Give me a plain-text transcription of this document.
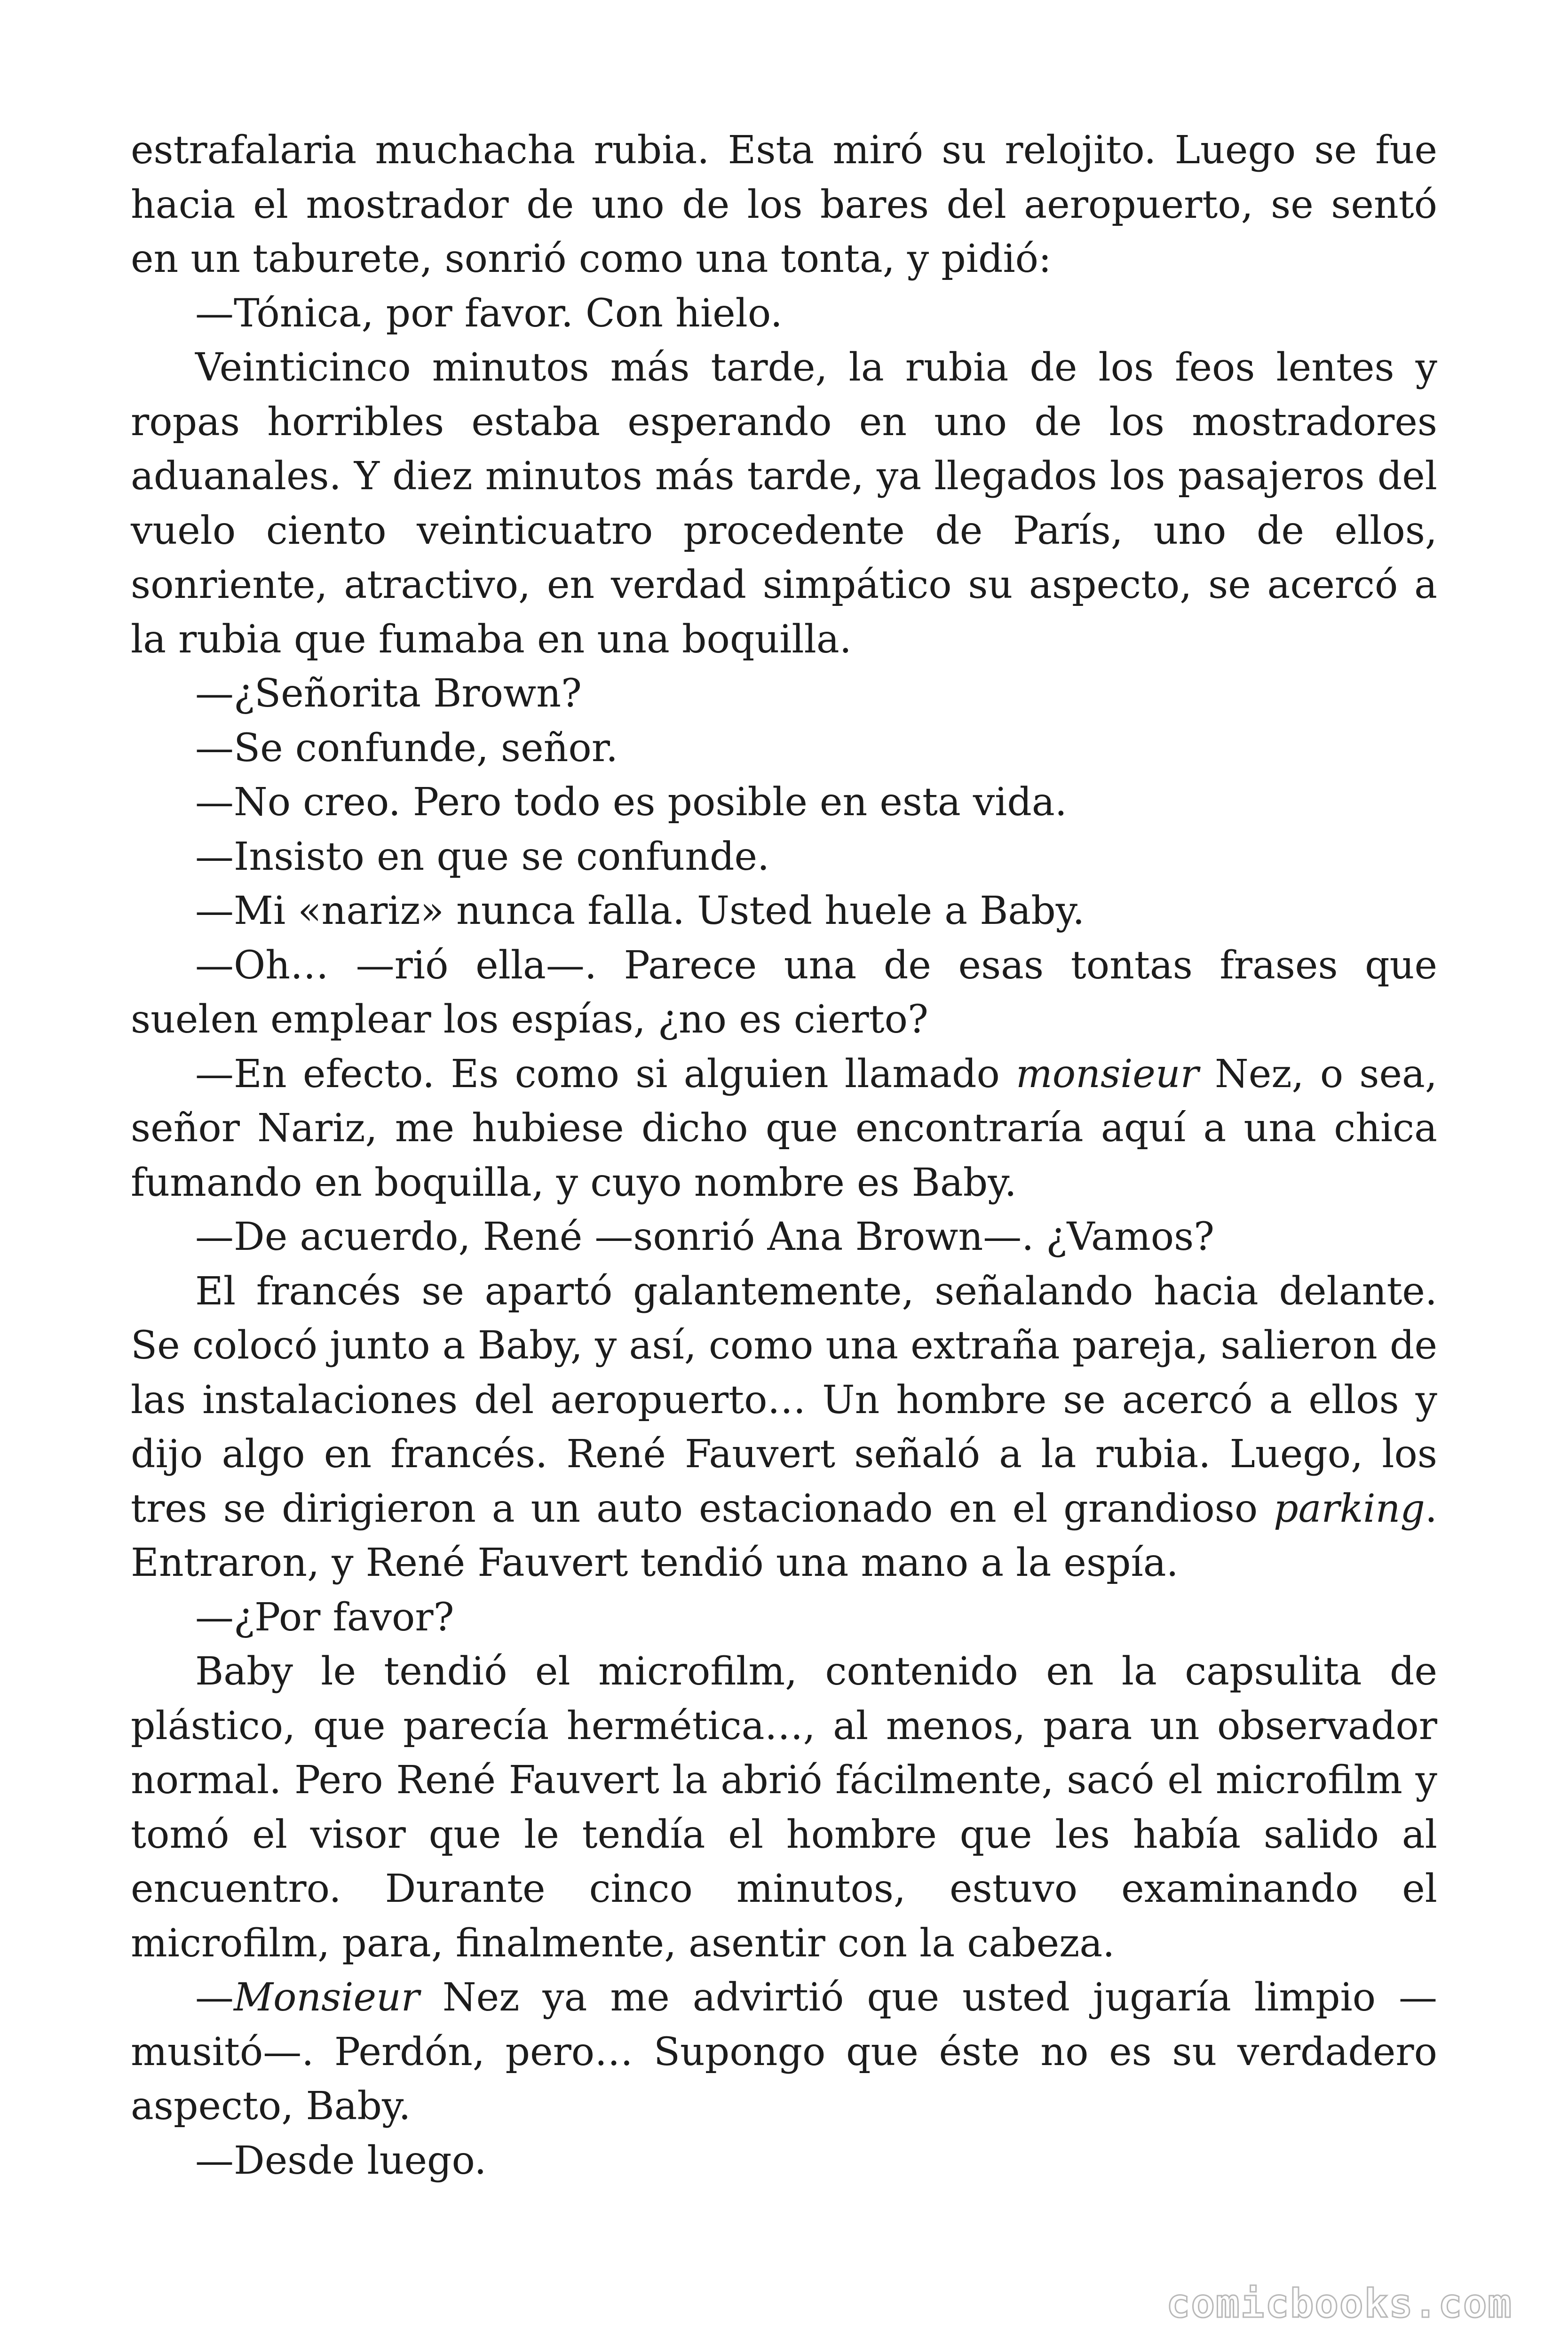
estrafalaria muchacha rubia. Esta miró su relojito. Luego se fue hacia el mostrador de uno de los bares del aeropuerto, se sentó en un taburete, sonrió como una tonta, y pidió:

—Tónica, por favor. Con hielo.

Veinticinco minutos más tarde, la rubia de los feos lentes y ropas horribles estaba esperando en uno de los mostradores aduanales. Y diez minutos más tarde, ya llegados los pasajeros del vuelo ciento veinticuatro procedente de París, uno de ellos, sonriente, atractivo, en verdad simpático su aspecto, se acercó a la rubia que fumaba en una boquilla.

—¿Señorita Brown?

—Se confunde, señor.

—No creo. Pero todo es posible en esta vida.

—Insisto en que se confunde.

—Mi «nariz» nunca falla. Usted huele a Baby.

—Oh… —rió ella—. Parece una de esas tontas frases que suelen emplear los espías, ¿no es cierto?

—En efecto. Es como si alguien llamado monsieur Nez, o sea, señor Nariz, me hubiese dicho que encontraría aquí a una chica fumando en boquilla, y cuyo nombre es Baby.

—De acuerdo, René —sonrió Ana Brown—. ¿Vamos?

El francés se apartó galantemente, señalando hacia delante. Se colocó junto a Baby, y así, como una extraña pareja, salieron de las instalaciones del aeropuerto… Un hombre se acercó a ellos y dijo algo en francés. René Fauvert señaló a la rubia. Luego, los tres se dirigieron a un auto estacionado en el grandioso parking. Entraron, y René Fauvert tendió una mano a la espía.

—¿Por favor?

Baby le tendió el microfilm, contenido en la capsulita de plástico, que parecía hermética…, al menos, para un observador normal. Pero René Fauvert la abrió fácilmente, sacó el microfilm y tomó el visor que le tendía el hombre que les había salido al encuentro. Durante cinco minutos, estuvo examinando el microfilm, para, finalmente, asentir con la cabeza.

—Monsieur Nez ya me advirtió que usted jugaría limpio —musitó—. Perdón, pero… Supongo que éste no es su verdadero aspecto, Baby.

—Desde luego.

comicbooks.com
